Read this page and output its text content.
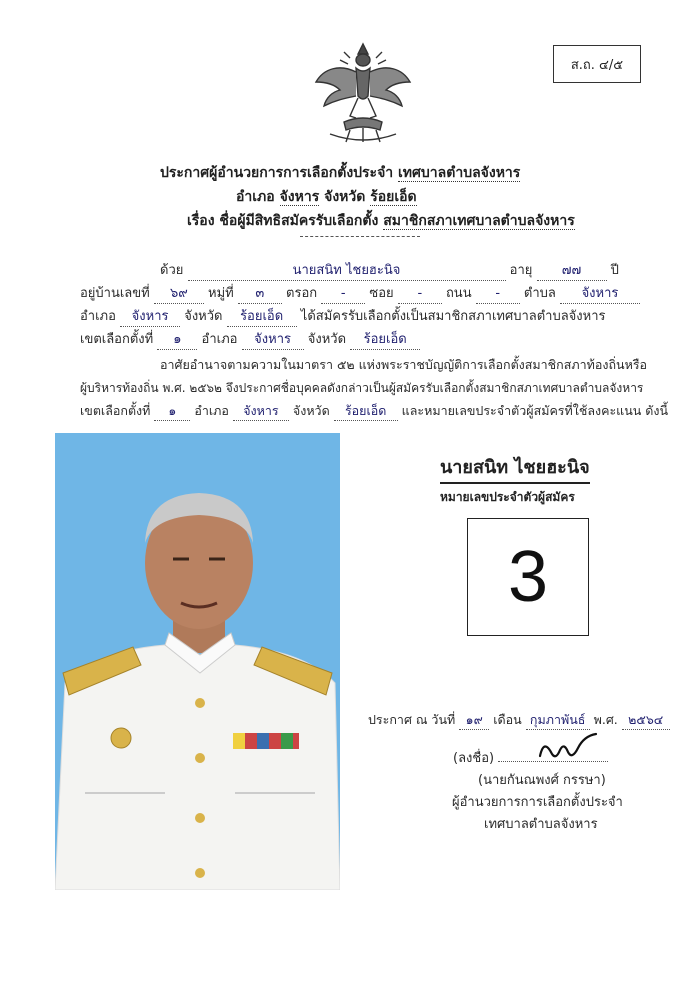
ส.ถ. ๔/๕
ประกาศผู้อำนวยการการเลือกตั้งประจำ เทศบาลตำบลจังหาร
อำเภอ จังหาร จังหวัด ร้อยเอ็ด
เรื่อง ชื่อผู้มีสิทธิสมัครรับเลือกตั้ง สมาชิกสภาเทศบาลตำบลจังหาร
ด้วย	นายสนิท ไชยฮะนิจ	อายุ ๗๗ ปี
อยู่บ้านเลขที่ ๖๙ หมู่ที่ ๓ ตรอก - ซอย - ถนน - ตำบล จังหาร
อำเภอ จังหาร จังหวัด ร้อยเอ็ด ได้สมัครรับเลือกตั้งเป็นสมาชิกสภาเทศบาลตำบลจังหาร
เขตเลือกตั้งที่ ๑ อำเภอ จังหาร จังหวัด ร้อยเอ็ด
อาศัยอำนาจตามความในมาตรา ๕๒ แห่งพระราชบัญญัติการเลือกตั้งสมาชิกสภาท้องถิ่นหรือ
ผู้บริหารท้องถิ่น พ.ศ. ๒๕๖๒ จึงประกาศชื่อบุคคลดังกล่าวเป็นผู้สมัครรับเลือกตั้งสมาชิกสภาเทศบาลตำบลจังหาร
เขตเลือกตั้งที่ ๑ อำเภอ จังหาร จังหวัด ร้อยเอ็ด และหมายเลขประจำตัวผู้สมัครที่ใช้ลงคะแนน ดังนี้
นายสนิท ไชยฮะนิจ
หมายเลขประจำตัวผู้สมัคร
3
ประกาศ ณ วันที่ ๑๙ เดือน กุมภาพันธ์ พ.ศ. ๒๕๖๔
(ลงชื่อ)
(นายกันณพงศ์ กรรษา)
ผู้อำนวยการการเลือกตั้งประจำ
เทศบาลตำบลจังหาร
